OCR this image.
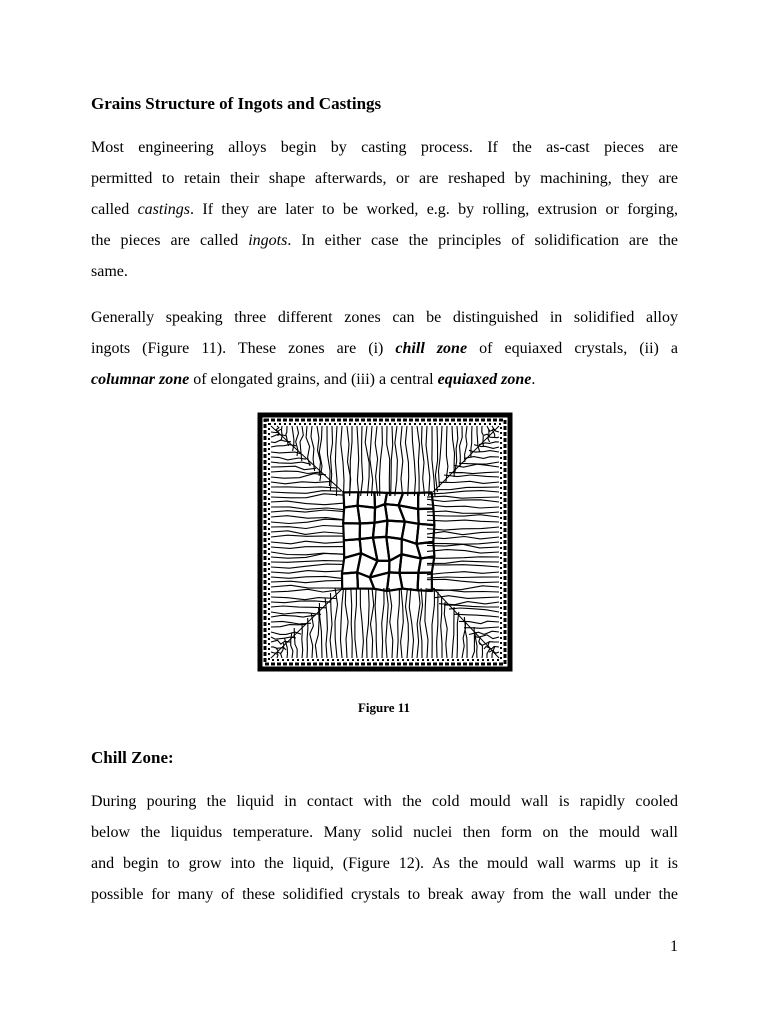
Grains Structure of Ingots and Castings
Most engineering alloys begin by casting process. If the as-cast pieces are
permitted to retain their shape afterwards, or are reshaped by machining, they are
called castings. If they are later to be worked, e.g. by rolling, extrusion or forging,
the pieces are called ingots. In either case the principles of solidification are the
same.
Generally speaking three different zones can be distinguished in solidified alloy
ingots (Figure 11). These zones are (i) chill zone of equiaxed crystals, (ii) a
columnar zone of elongated grains, and (iii) a central equiaxed zone.
Figure 11
Chill Zone:
During pouring the liquid in contact with the cold mould wall is rapidly cooled
below the liquidus temperature. Many solid nuclei then form on the mould wall
and begin to grow into the liquid, (Figure 12). As the mould wall warms up it is
possible for many of these solidified crystals to break away from the wall under the
1
